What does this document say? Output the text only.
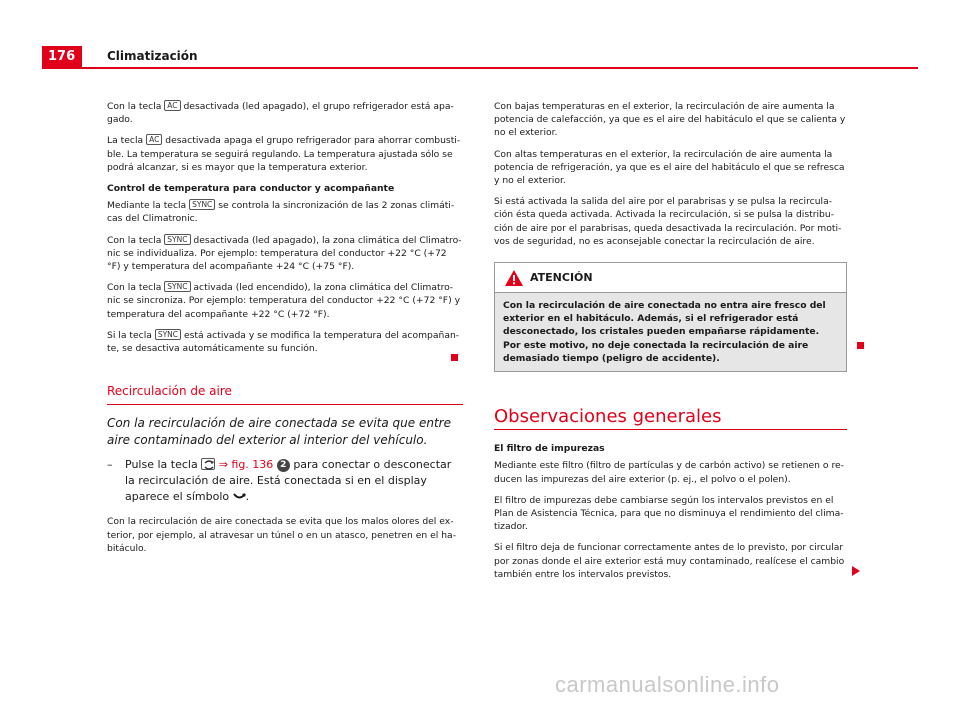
176	Climatización

Con la tecla AC desactivada (led apagado), el grupo refrigerador está apagado.

La tecla AC desactivada apaga el grupo refrigerador para ahorrar combustible. La temperatura se seguirá regulando. La temperatura ajustada sólo se podrá alcanzar, si es mayor que la temperatura exterior.

Control de temperatura para conductor y acompañante

Mediante la tecla SYNC se controla la sincronización de las 2 zonas climáticas del Climatronic.

Con la tecla SYNC desactivada (led apagado), la zona climática del Climatronic se individualiza. Por ejemplo: temperatura del conductor +22 °C (+72 °F) y temperatura del acompañante +24 °C (+75 °F).

Con la tecla SYNC activada (led encendido), la zona climática del Climatronic se sincroniza. Por ejemplo: temperatura del conductor +22 °C (+72 °F) y temperatura del acompañante +22 °C (+72 °F).

Si la tecla SYNC está activada y se modifica la temperatura del acompañante, se desactiva automáticamente su función.

Recirculación de aire
Con la recirculación de aire conectada se evita que entre aire contaminado del exterior al interior del vehículo.
– Pulse la tecla
⇒ fig. 136 2 para conectar o desconectar la recirculación de aire. Está conectada si en el display aparece el símbolo .

Con la recirculación de aire conectada se evita que los malos olores del exterior, por ejemplo, al atravesar un túnel o en un atasco, penetren en el habitáculo.

Con bajas temperaturas en el exterior, la recirculación de aire aumenta la potencia de calefacción, ya que es el aire del habitáculo el que se calienta y no el exterior.

Con altas temperaturas en el exterior, la recirculación de aire aumenta la potencia de refrigeración, ya que es el aire del habitáculo el que se refresca y no el exterior.

Si está activada la salida del aire por el parabrisas y se pulsa la recirculación ésta queda activada. Activada la recirculación, si se pulsa la distribución de aire por el parabrisas, queda desactivada la recirculación. Por motivos de seguridad, no es aconsejable conectar la recirculación de aire.

ATENCIÓN
Con la recirculación de aire conectada no entra aire fresco del exterior en el habitáculo. Además, si el refrigerador está desconectado, los cristales pueden empañarse rápidamente. Por este motivo, no deje conectada la recirculación de aire demasiado tiempo (peligro de accidente).
Observaciones generales

El filtro de impurezas

Mediante este filtro (filtro de partículas y de carbón activo) se retienen o reducen las impurezas del aire exterior (p. ej., el polvo o el polen).

El filtro de impurezas debe cambiarse según los intervalos previstos en el Plan de Asistencia Técnica, para que no disminuya el rendimiento del climatizador.

Si el filtro deja de funcionar correctamente antes de lo previsto, por circular por zonas donde el aire exterior está muy contaminado, realícese el cambio también entre los intervalos previstos.

carmanualsonline.info
